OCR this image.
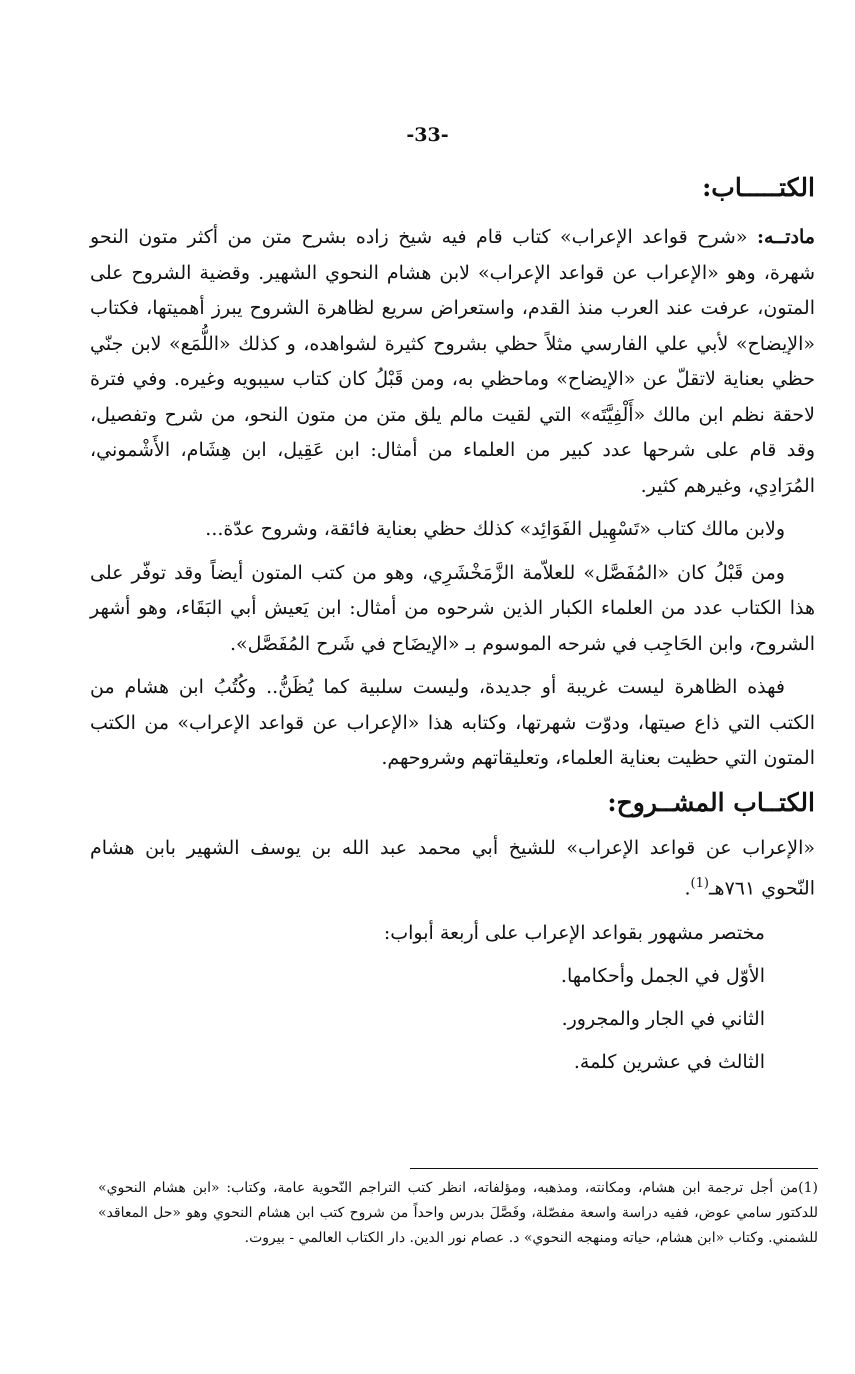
-33-
الكتـــــاب:

مادتــه: «شرح قواعد الإعراب» كتاب قام فيه شيخ زاده بشرح متن من أكثر متون النحو شهرة، وهو «الإعراب عن قواعد الإعراب» لابن هشام النحوي الشهير. وقضية الشروح على المتون، عرفت عند العرب منذ القدم، واستعراض سريع لظاهرة الشروح يبرز أهميتها، فكتاب «الإيضاح» لأبي علي الفارسي مثلاً حظي بشروح كثيرة لشواهده، و كذلك «اللُّمَع» لابن جنّي حظي بعناية لاتقلّ عن «الإيضاح» وماحظي به، ومن قَبْلُ كان كتاب سيبويه وغيره. وفي فترة لاحقة نظم ابن مالك «أَلْفِيَّتَه» التي لقيت مالم يلق متن من متون النحو، من شرح وتفصيل، وقد قام على شرحها عدد كبير من العلماء من أمثال: ابن عَقِيل، ابن هِشَام، الأَشْموني، المُرَادِي، وغيرهم كثير.

ولابن مالك كتاب «تَسْهِيل الفَوَائِد» كذلك حظي بعناية فائقة، وشروح عدّة...

ومن قَبْلُ كان «المُفَصَّل» للعلاّمة الزَّمَخْشَرِي، وهو من كتب المتون أيضاً وقد توفّر على هذا الكتاب عدد من العلماء الكبار الذين شرحوه من أمثال: ابن يَعيش أبي البَقَاء، وهو أشهر الشروح، وابن الحَاجِب في شرحه الموسوم بـ «الإيضَاح في شَرح المُفَصَّل».

فهذه الظاهرة ليست غريبة أو جديدة، وليست سلبية كما يُظَنُّ.. وكُتُبُ ابن هشام من الكتب التي ذاع صيتها، ودوّت شهرتها، وكتابه هذا «الإعراب عن قواعد الإعراب» من الكتب المتون التي حظيت بعناية العلماء، وتعليقاتهم وشروحهم.

الكتــاب المشــروح:

«الإعراب عن قواعد الإعراب» للشيخ أبي محمد عبد الله بن يوسف الشهير بابن هشام النّحوي ٧٦١هـ$^{(1)}$.

مختصر مشهور بقواعد الإعراب على أربعة أبواب:

الأوّل في الجمل وأحكامها.

الثاني في الجار والمجرور.

الثالث في عشرين كلمة.

(1)من أجل ترجمة ابن هشام، ومكانته، ومذهبه، ومؤلفاته، انظر كتب التراجم النّحوية عامة، وكتاب: «ابن هشام النحوي» للدكتور سامي عوض، ففيه دراسة واسعة مفصّلة، وفَصَّلَ بدرس واحداً من شروح كتب ابن هشام النحوي وهو «حل المعاقد» للشمني. وكتاب «ابن هشام، حياته ومنهجه النحوي» د. عصام نور الدين. دار الكتاب العالمي - بيروت.
